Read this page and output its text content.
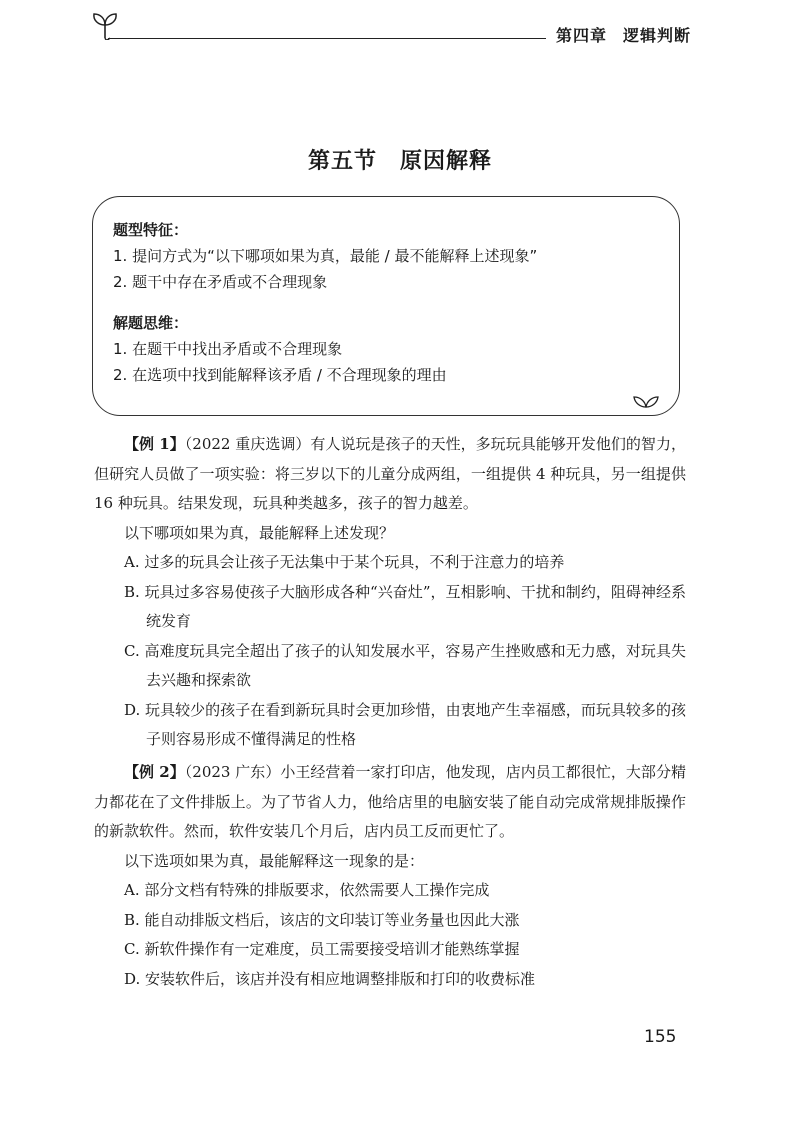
第四章 逻辑判断
第五节　原因解释
题型特征：
1. 提问方式为“以下哪项如果为真，最能 / 最不能解释上述现象”
2. 题干中存在矛盾或不合理现象
解题思维：
1. 在题干中找出矛盾或不合理现象
2. 在选项中找到能解释该矛盾 / 不合理现象的理由

【例 1】（2022 重庆选调）有人说玩是孩子的天性，多玩玩具能够开发他们的智力，但研究人员做了一项实验：将三岁以下的儿童分成两组，一组提供 4 种玩具，另一组提供 16 种玩具。结果发现，玩具种类越多，孩子的智力越差。

以下哪项如果为真，最能解释上述发现？

A. 过多的玩具会让孩子无法集中于某个玩具，不利于注意力的培养

B. 玩具过多容易使孩子大脑形成各种“兴奋灶”，互相影响、干扰和制约，阻碍神经系统发育

C. 高难度玩具完全超出了孩子的认知发展水平，容易产生挫败感和无力感，对玩具失去兴趣和探索欲

D. 玩具较少的孩子在看到新玩具时会更加珍惜，由衷地产生幸福感，而玩具较多的孩子则容易形成不懂得满足的性格

【例 2】（2023 广东）小王经营着一家打印店，他发现，店内员工都很忙，大部分精力都花在了文件排版上。为了节省人力，他给店里的电脑安装了能自动完成常规排版操作的新款软件。然而，软件安装几个月后，店内员工反而更忙了。

以下选项如果为真，最能解释这一现象的是：

A. 部分文档有特殊的排版要求，依然需要人工操作完成

B. 能自动排版文档后，该店的文印装订等业务量也因此大涨

C. 新软件操作有一定难度，员工需要接受培训才能熟练掌握

D. 安装软件后，该店并没有相应地调整排版和打印的收费标准

155
